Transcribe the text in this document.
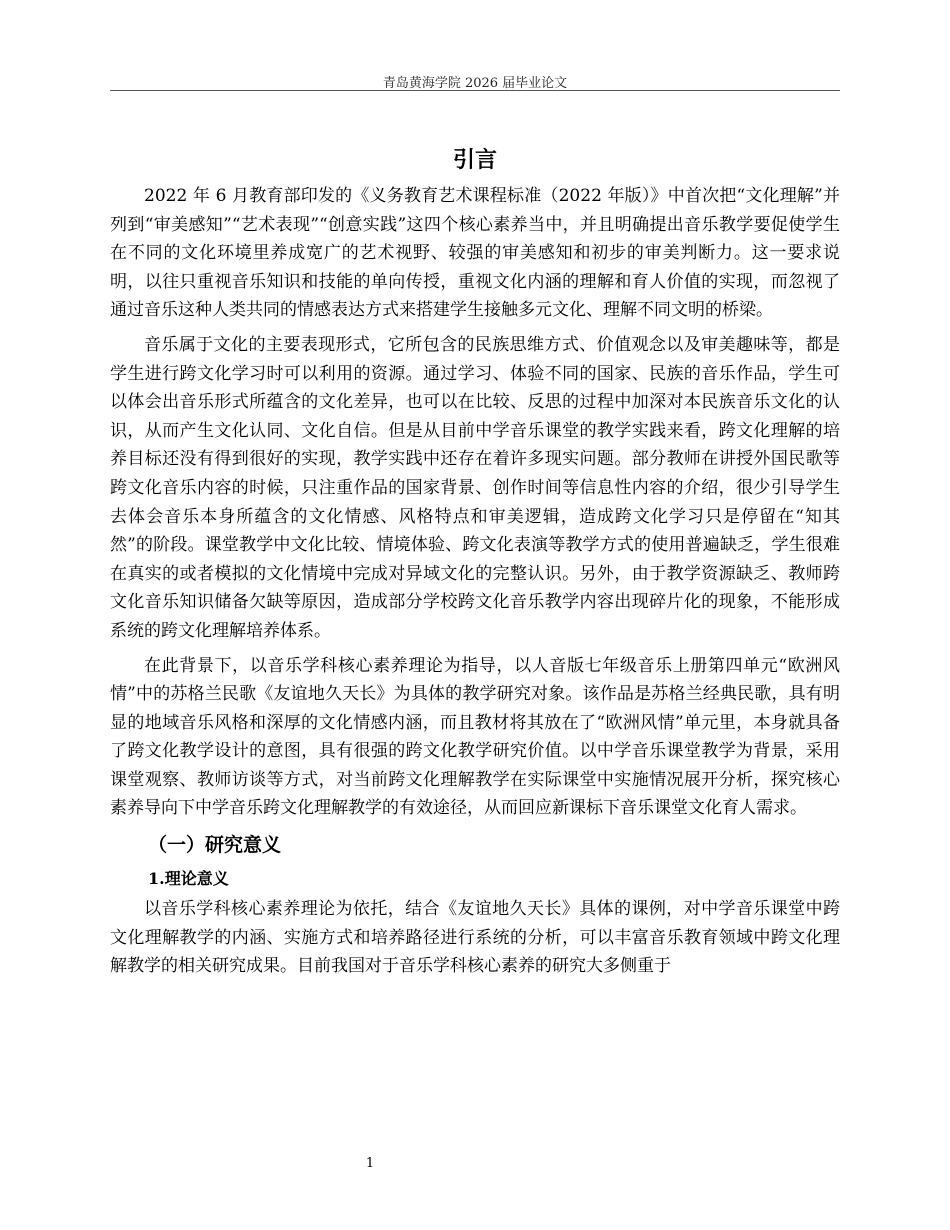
青岛黄海学院 2026 届毕业论文
引言

2022 年 6 月教育部印发的《义务教育艺术课程标准（2022 年版）》中首次把“文化理解”并列到“审美感知”“艺术表现”“创意实践”这四个核心素养当中，并且明确提出音乐教学要促使学生在不同的文化环境里养成宽广的艺术视野、较强的审美感知和初步的审美判断力。这一要求说明，以往只重视音乐知识和技能的单向传授，重视文化内涵的理解和育人价值的实现，而忽视了通过音乐这种人类共同的情感表达方式来搭建学生接触多元文化、理解不同文明的桥梁。

音乐属于文化的主要表现形式，它所包含的民族思维方式、价值观念以及审美趣味等，都是学生进行跨文化学习时可以利用的资源。通过学习、体验不同的国家、民族的音乐作品，学生可以体会出音乐形式所蕴含的文化差异，也可以在比较、反思的过程中加深对本民族音乐文化的认识，从而产生文化认同、文化自信。但是从目前中学音乐课堂的教学实践来看，跨文化理解的培养目标还没有得到很好的实现，教学实践中还存在着许多现实问题。部分教师在讲授外国民歌等跨文化音乐内容的时候，只注重作品的国家背景、创作时间等信息性内容的介绍，很少引导学生去体会音乐本身所蕴含的文化情感、风格特点和审美逻辑，造成跨文化学习只是停留在“知其然”的阶段。课堂教学中文化比较、情境体验、跨文化表演等教学方式的使用普遍缺乏，学生很难在真实的或者模拟的文化情境中完成对异域文化的完整认识。另外，由于教学资源缺乏、教师跨文化音乐知识储备欠缺等原因，造成部分学校跨文化音乐教学内容出现碎片化的现象，不能形成系统的跨文化理解培养体系。

在此背景下，以音乐学科核心素养理论为指导，以人音版七年级音乐上册第四单元“欧洲风情”中的苏格兰民歌《友谊地久天长》为具体的教学研究对象。该作品是苏格兰经典民歌，具有明显的地域音乐风格和深厚的文化情感内涵，而且教材将其放在了“欧洲风情”单元里，本身就具备了跨文化教学设计的意图，具有很强的跨文化教学研究价值。以中学音乐课堂教学为背景，采用课堂观察、教师访谈等方式，对当前跨文化理解教学在实际课堂中实施情况展开分析，探究核心素养导向下中学音乐跨文化理解教学的有效途径，从而回应新课标下音乐课堂文化育人需求。

（一）研究意义
1.理论意义

以音乐学科核心素养理论为依托，结合《友谊地久天长》具体的课例，对中学音乐课堂中跨文化理解教学的内涵、实施方式和培养路径进行系统的分析，可以丰富音乐教育领域中跨文化理解教学的相关研究成果。目前我国对于音乐学科核心素养的研究大多侧重于

1
